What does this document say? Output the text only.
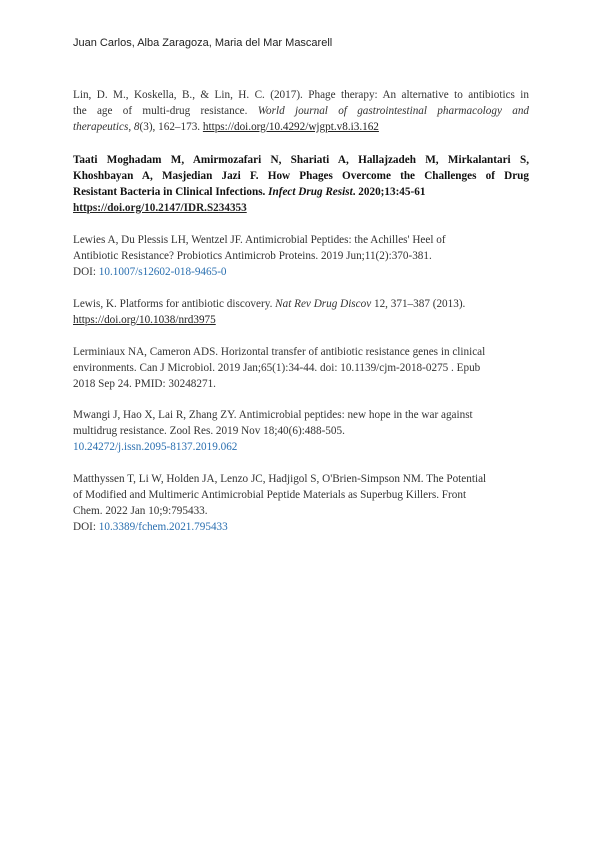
Juan Carlos, Alba Zaragoza, Maria del Mar Mascarell
Lin, D. M., Koskella, B., & Lin, H. C. (2017). Phage therapy: An alternative to antibiotics in
the age of multi-drug resistance. World journal of gastrointestinal pharmacology and
therapeutics, 8(3), 162–173. https://doi.org/10.4292/wjgpt.v8.i3.162
Taati Moghadam M, Amirmozafari N, Shariati A, Hallajzadeh M, Mirkalantari S,
Khoshbayan A, Masjedian Jazi F. How Phages Overcome the Challenges of Drug
Resistant Bacteria in Clinical Infections. Infect Drug Resist. 2020;13:45-61
https://doi.org/10.2147/IDR.S234353
Lewies A, Du Plessis LH, Wentzel JF. Antimicrobial Peptides: the Achilles' Heel of
Antibiotic Resistance? Probiotics Antimicrob Proteins. 2019 Jun;11(2):370-381.
DOI: 10.1007/s12602-018-9465-0
Lewis, K. Platforms for antibiotic discovery. Nat Rev Drug Discov 12, 371–387 (2013).
https://doi.org/10.1038/nrd3975
Lerminiaux NA, Cameron ADS. Horizontal transfer of antibiotic resistance genes in clinical
environments. Can J Microbiol. 2019 Jan;65(1):34-44. doi: 10.1139/cjm-2018-0275 . Epub
2018 Sep 24. PMID: 30248271.
Mwangi J, Hao X, Lai R, Zhang ZY. Antimicrobial peptides: new hope in the war against
multidrug resistance. Zool Res. 2019 Nov 18;40(6):488-505.
10.24272/j.issn.2095-8137.2019.062
Matthyssen T, Li W, Holden JA, Lenzo JC, Hadjigol S, O'Brien-Simpson NM. The Potential
of Modified and Multimeric Antimicrobial Peptide Materials as Superbug Killers. Front
Chem. 2022 Jan 10;9:795433.
DOI: 10.3389/fchem.2021.795433
